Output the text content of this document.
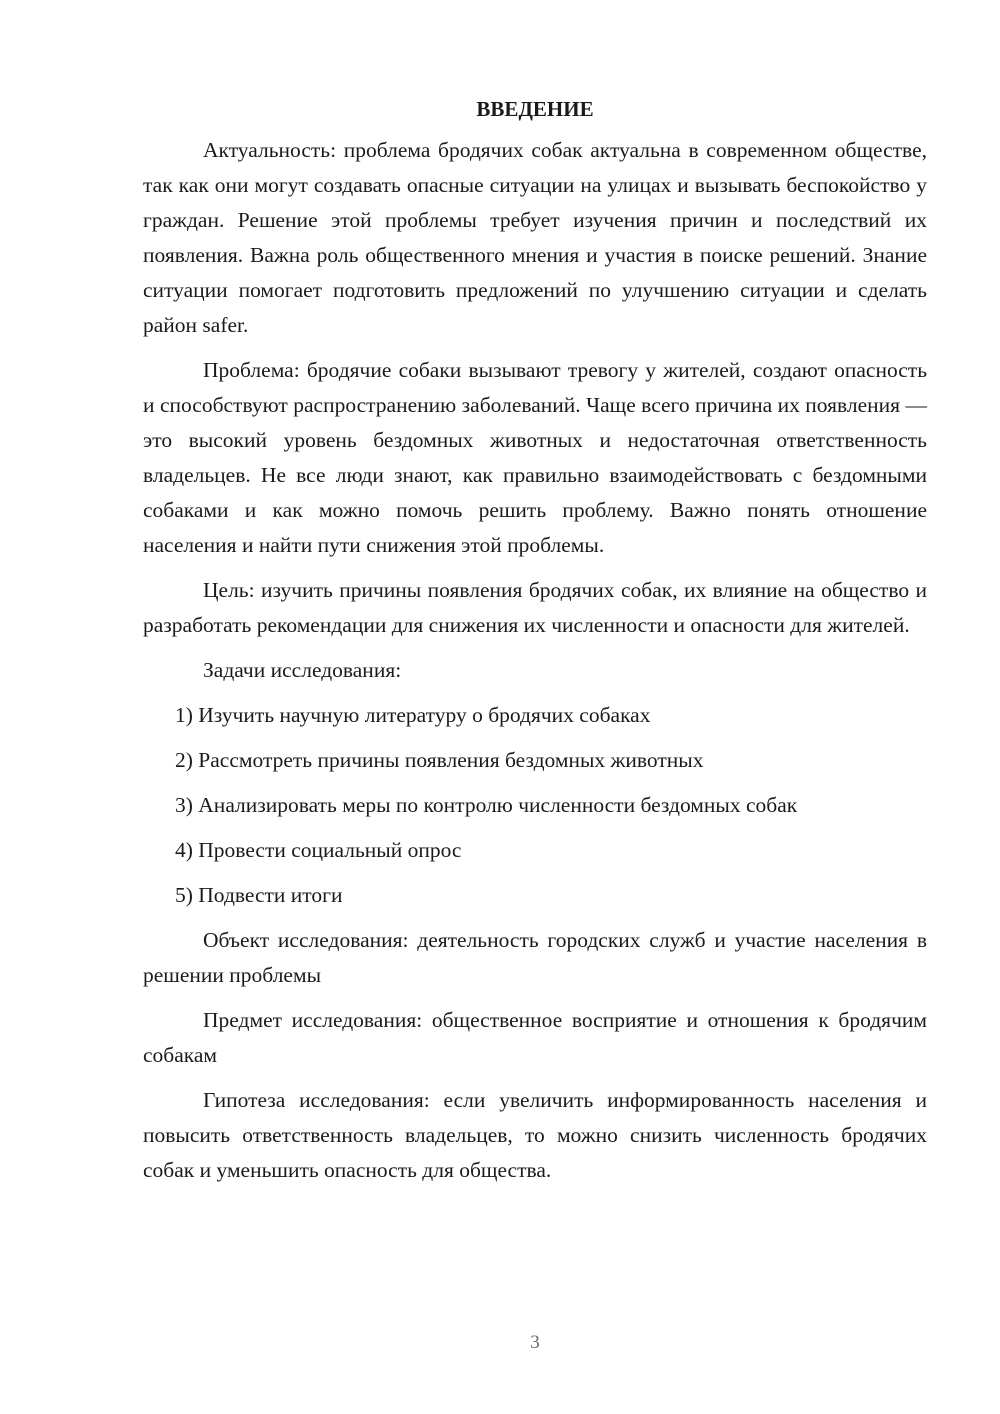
ВВЕДЕНИЕ

Актуальность: проблема бродячих собак актуальна в современном обществе, так как они могут создавать опасные ситуации на улицах и вызывать беспокойство у граждан. Решение этой проблемы требует изучения причин и последствий их появления. Важна роль общественного мнения и участия в поиске решений. Знание ситуации помогает подготовить предложений по улучшению ситуации и сделать район safer.

Проблема: бродячие собаки вызывают тревогу у жителей, создают опасность и способствуют распространению заболеваний. Чаще всего причина их появления — это высокий уровень бездомных животных и недостаточная ответственность владельцев. Не все люди знают, как правильно взаимодействовать с бездомными собаками и как можно помочь решить проблему. Важно понять отношение населения и найти пути снижения этой проблемы.

Цель: изучить причины появления бродячих собак, их влияние на общество и разработать рекомендации для снижения их численности и опасности для жителей.

Задачи исследования:

1) Изучить научную литературу о бродячих собаках
2) Рассмотреть причины появления бездомных животных
3) Анализировать меры по контролю численности бездомных собак
4) Провести социальный опрос
5) Подвести итоги

Объект исследования: деятельность городских служб и участие населения в решении проблемы

Предмет исследования: общественное восприятие и отношения к бродячим собакам

Гипотеза исследования: если увеличить информированность населения и повысить ответственность владельцев, то можно снизить численность бродячих собак и уменьшить опасность для общества.

3
